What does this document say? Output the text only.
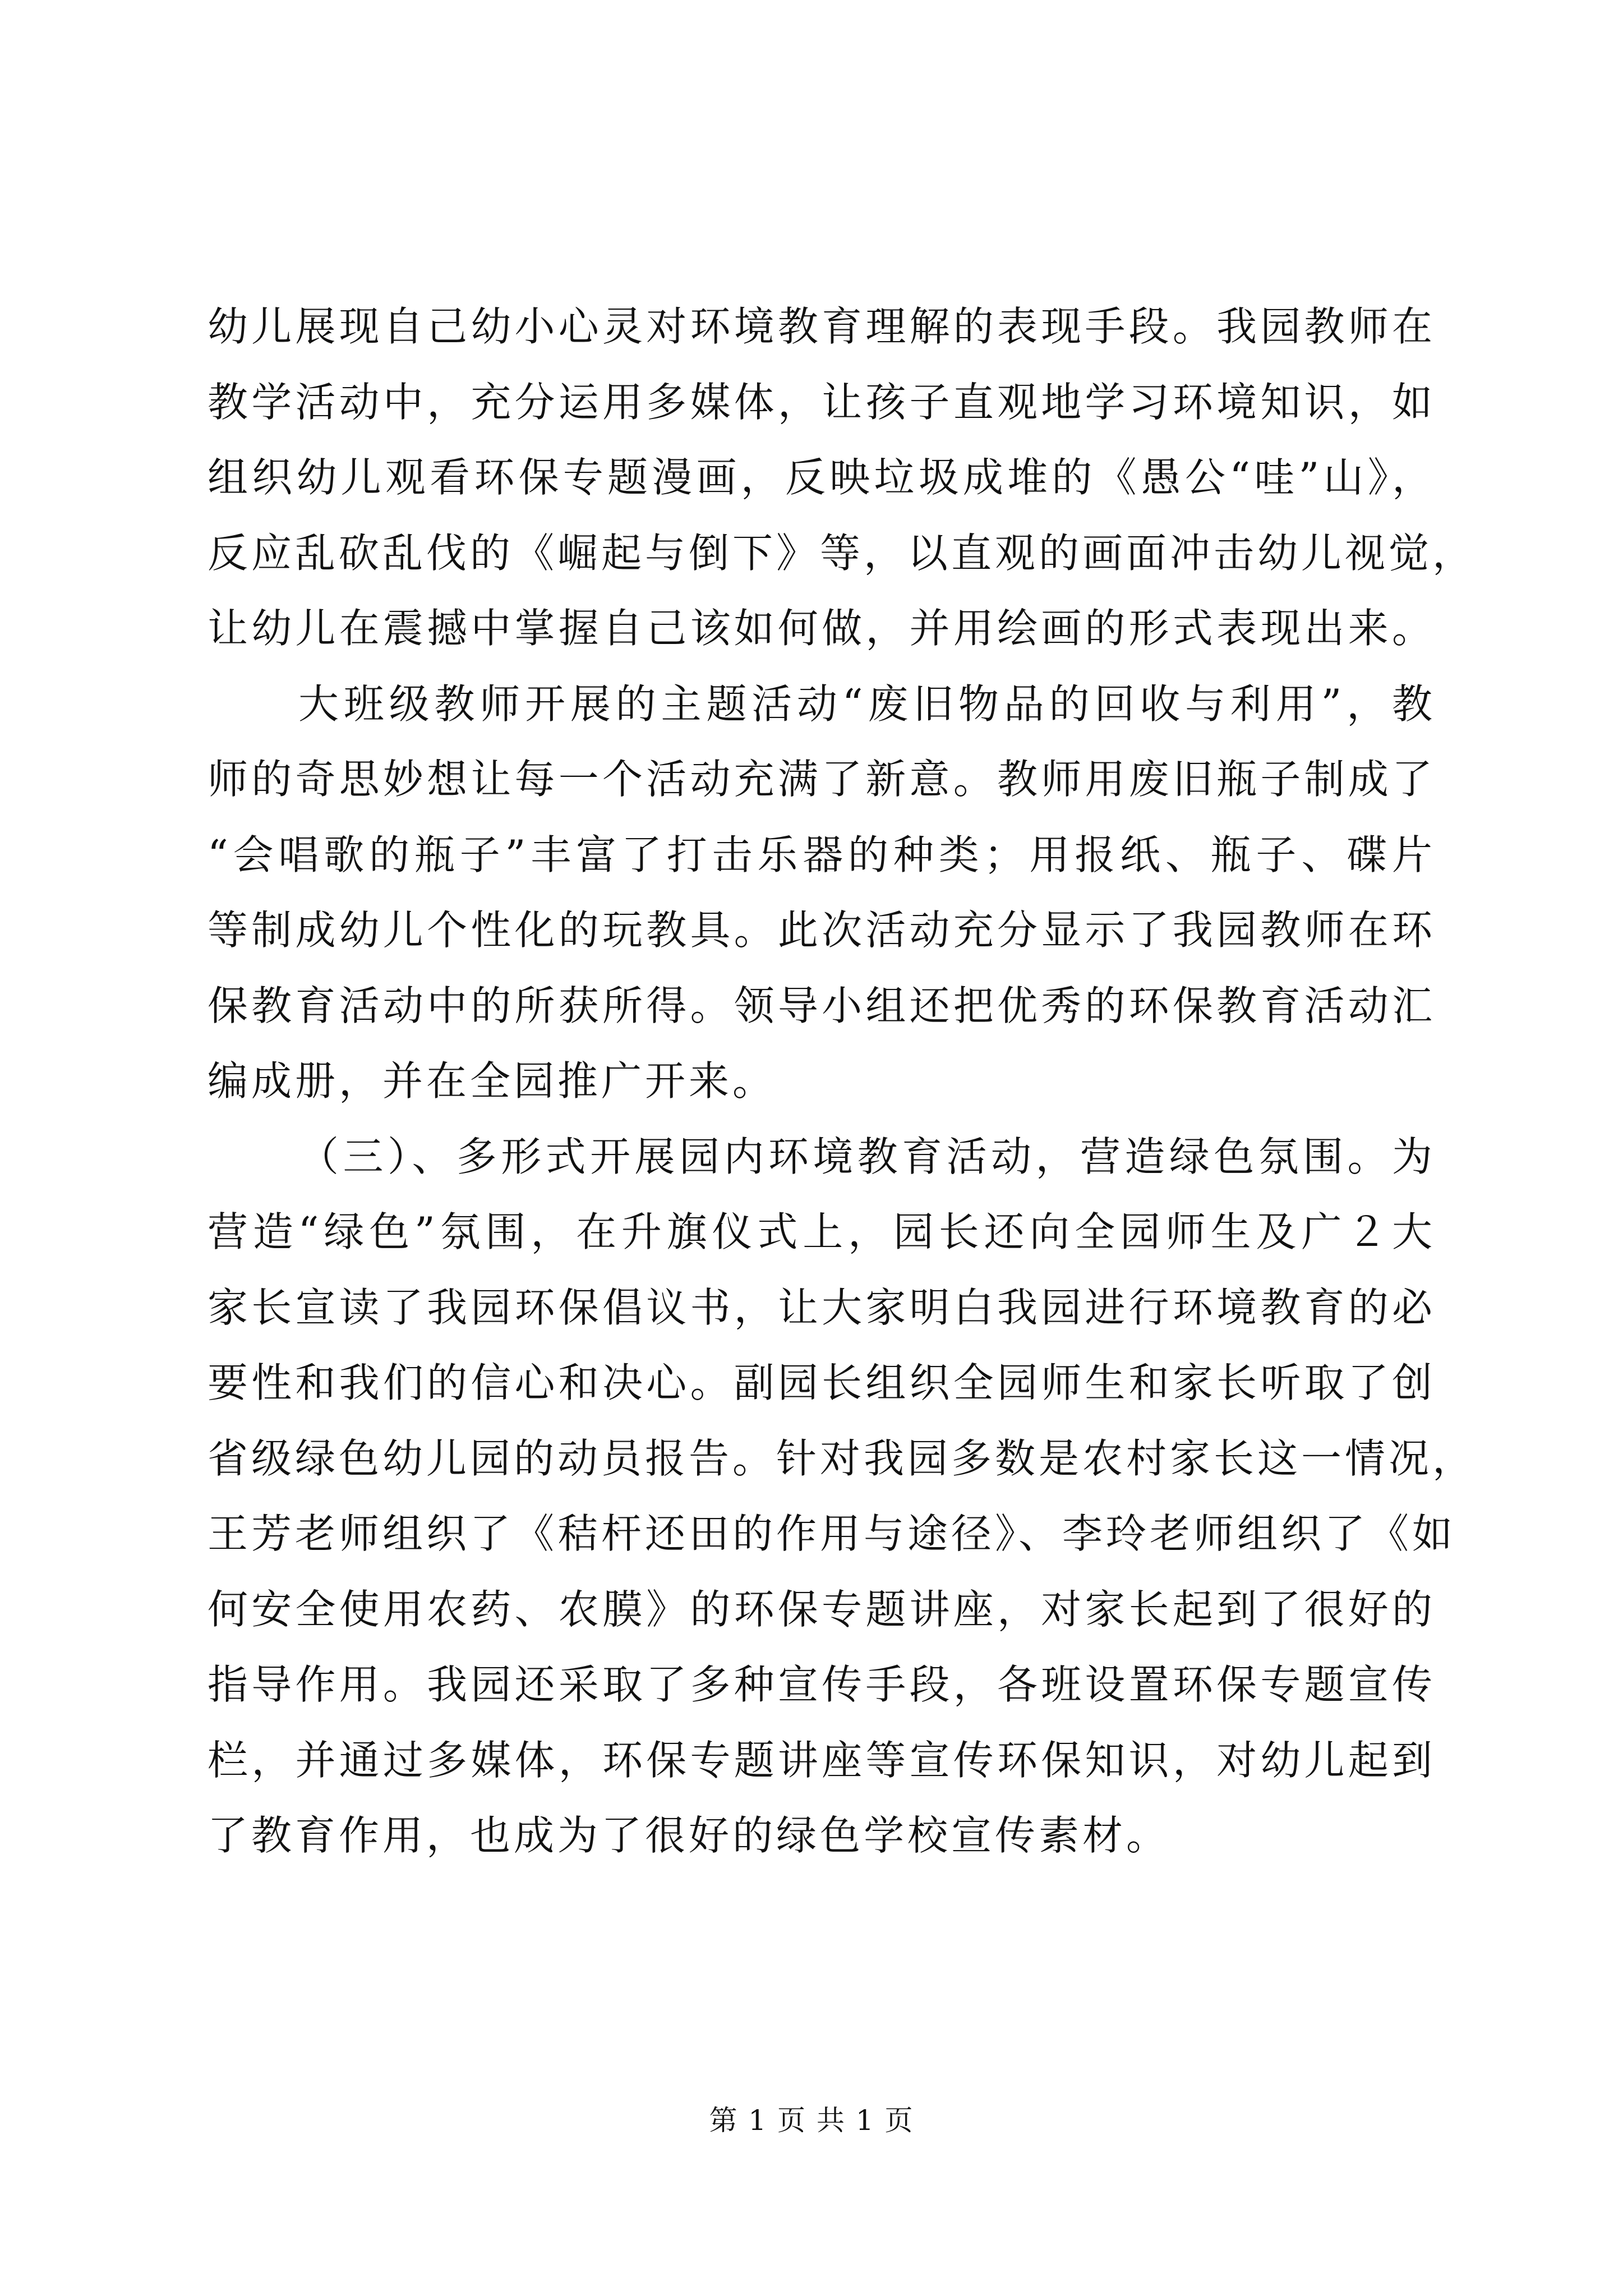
幼儿展现自己幼小心灵对环境教育理解的表现手段。我园教师在
教学活动中，充分运用多媒体，让孩子直观地学习环境知识，如
组织幼儿观看环保专题漫画，反映垃圾成堆的《愚公“哇”山》，
反应乱砍乱伐的《崛起与倒下》等，以直观的画面冲击幼儿视觉，
让幼儿在震撼中掌握自己该如何做，并用绘画的形式表现出来。
大班级教师开展的主题活动“废旧物品的回收与利用”，教
师的奇思妙想让每一个活动充满了新意。教师用废旧瓶子制成了
“会唱歌的瓶子”丰富了打击乐器的种类；用报纸、瓶子、碟片
等制成幼儿个性化的玩教具。此次活动充分显示了我园教师在环
保教育活动中的所获所得。领导小组还把优秀的环保教育活动汇
编成册，并在全园推广开来。
（三）、多形式开展园内环境教育活动，营造绿色氛围。为
营造“绿色”氛围，在升旗仪式上，园长还向全园师生及广２大
家长宣读了我园环保倡议书，让大家明白我园进行环境教育的必
要性和我们的信心和决心。副园长组织全园师生和家长听取了创
省级绿色幼儿园的动员报告。针对我园多数是农村家长这一情况，
王芳老师组织了《秸杆还田的作用与途径》、李玲老师组织了《如
何安全使用农药、农膜》的环保专题讲座，对家长起到了很好的
指导作用。我园还采取了多种宣传手段，各班设置环保专题宣传
栏，并通过多媒体，环保专题讲座等宣传环保知识，对幼儿起到
了教育作用，也成为了很好的绿色学校宣传素材。
第 1 页 共 1 页
